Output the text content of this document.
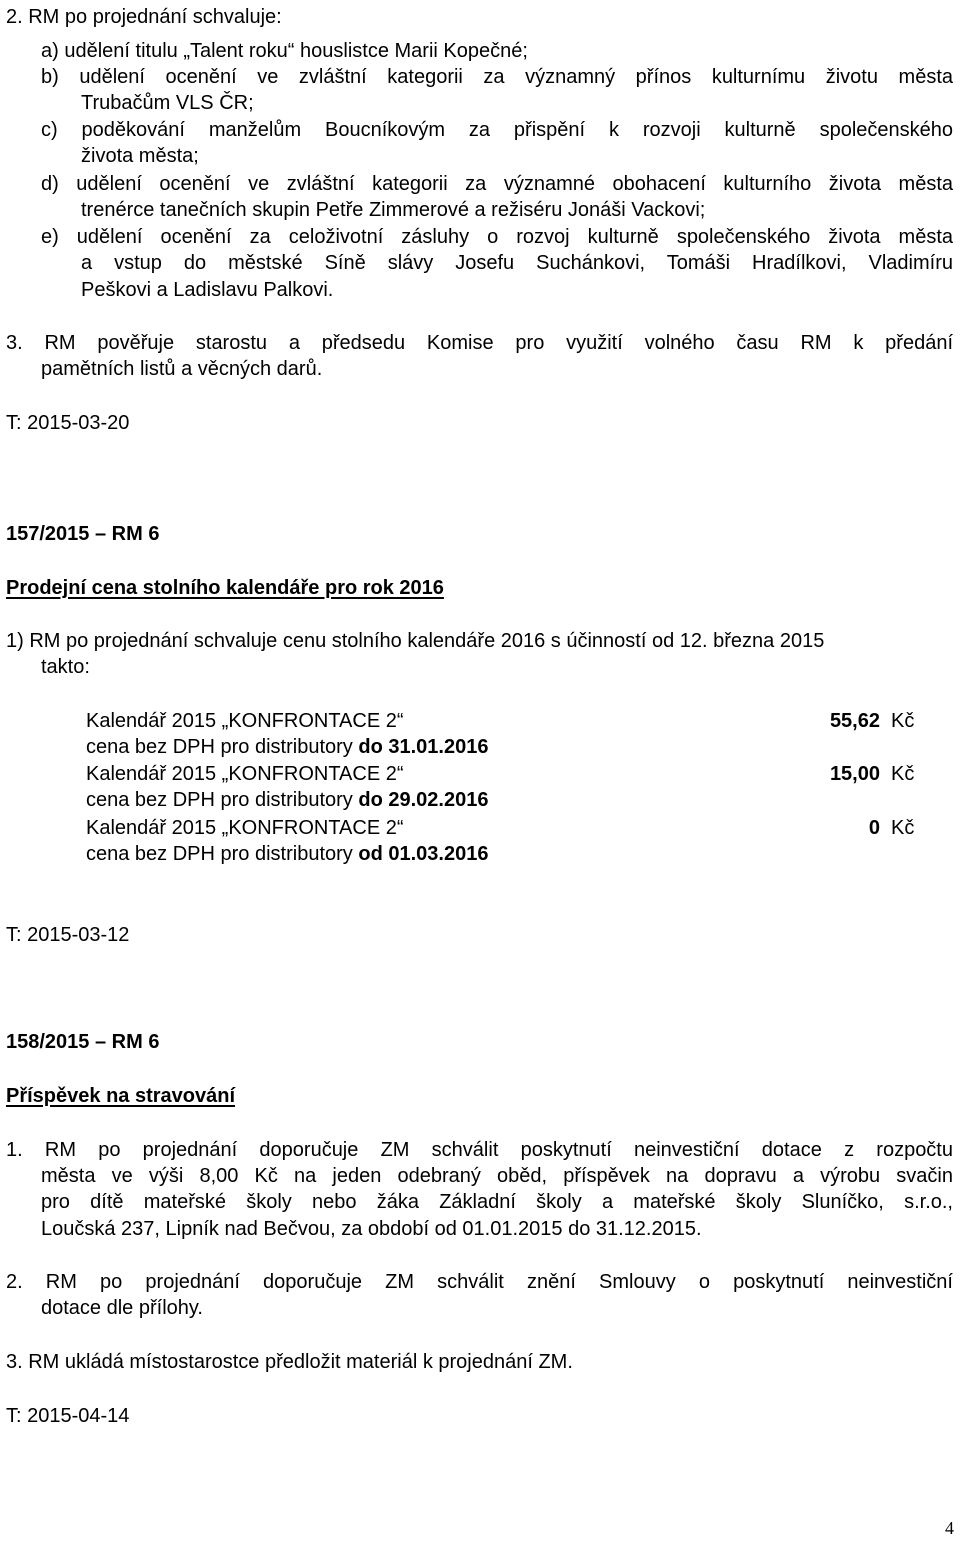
2. RM po projednání schvaluje:
a) udělení titulu „Talent roku“ houslistce Marii Kopečné;
b) udělení ocenění ve zvláštní kategorii za významný přínos kulturnímu životu města
Trubačům VLS ČR;
c) poděkování manželům Boucníkovým za přispění k rozvoji kulturně společenského
života města;
d) udělení ocenění ve zvláštní kategorii za významné obohacení kulturního života města
trenérce tanečních skupin Petře Zimmerové a režiséru Jonáši Vackovi;
e) udělení ocenění za celoživotní zásluhy o rozvoj kulturně společenského života města
a vstup do městské Síně slávy Josefu Suchánkovi, Tomáši Hradílkovi, Vladimíru
Peškovi a Ladislavu Palkovi.
3. RM pověřuje starostu a předsedu Komise pro využití volného času RM k předání
pamětních listů a věcných darů.
T: 2015-03-20
157/2015 – RM 6
Prodejní cena stolního kalendáře pro rok 2016
1) RM po projednání schvaluje cenu stolního kalendáře 2016 s účinností od 12. března 2015
takto:
Kalendář 2015 „KONFRONTACE 2“
cena bez DPH pro distributory do 31.01.2016
55,62 Kč
Kalendář 2015 „KONFRONTACE 2“
cena bez DPH pro distributory do 29.02.2016
15,00 Kč
Kalendář 2015 „KONFRONTACE 2“
cena bez DPH pro distributory od 01.03.2016
0 Kč
T: 2015-03-12
158/2015 – RM 6
Příspěvek na stravování
1. RM po projednání doporučuje ZM schválit poskytnutí neinvestiční dotace z rozpočtu
města ve výši 8,00 Kč na jeden odebraný oběd, příspěvek na dopravu a výrobu svačin
pro dítě mateřské školy nebo žáka Základní školy a mateřské školy Sluníčko, s.r.o.,
Loučská 237, Lipník nad Bečvou, za období od 01.01.2015 do 31.12.2015.
2. RM po projednání doporučuje ZM schválit znění Smlouvy o poskytnutí neinvestiční
dotace dle přílohy.
3. RM ukládá místostarostce předložit materiál k projednání ZM.
T: 2015-04-14
4
